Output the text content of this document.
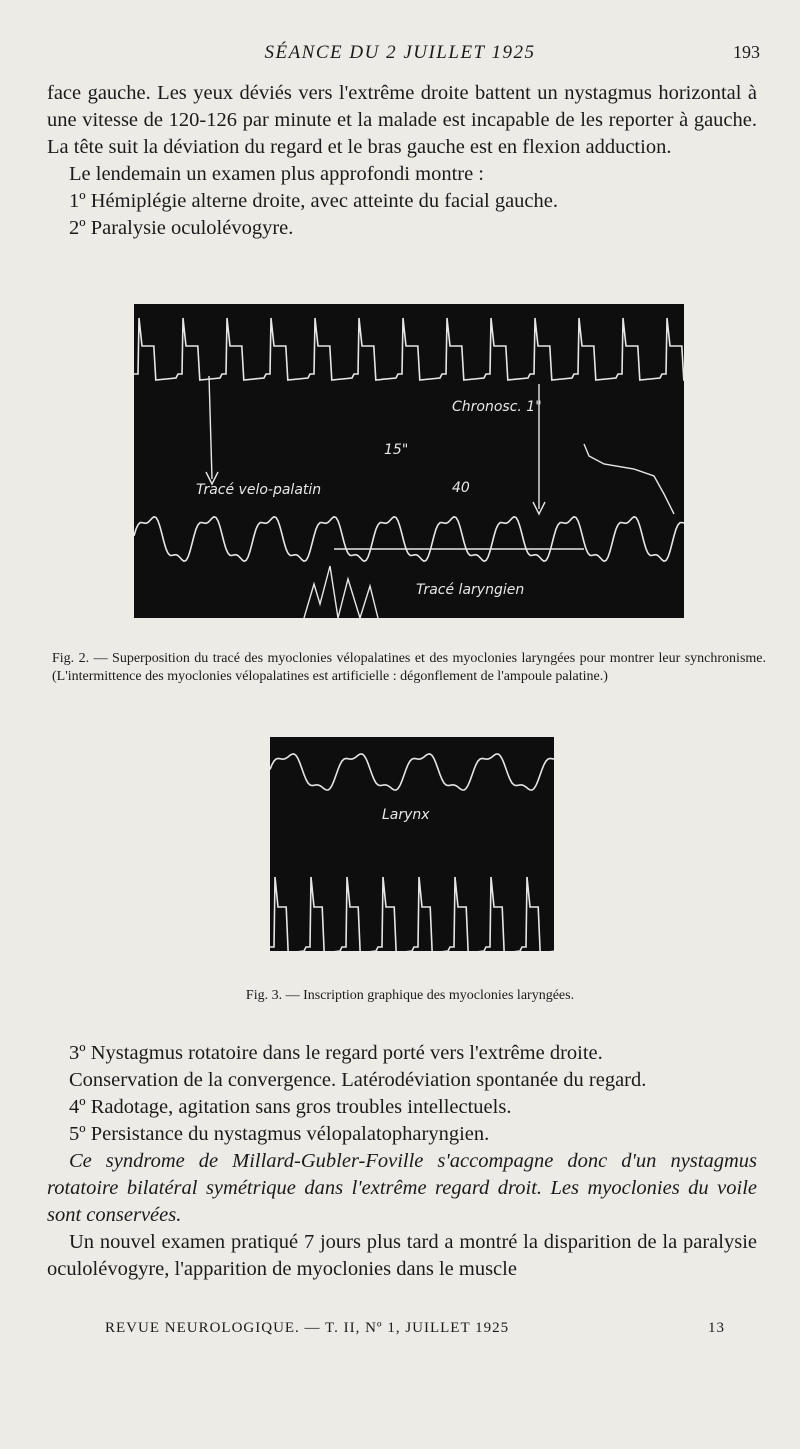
SÉANCE DU 2 JUILLET 1925	193

face gauche. Les yeux déviés vers l'extrême droite battent un nystagmus horizontal à une vitesse de 120-126 par minute et la malade est incapable de les reporter à gauche. La tête suit la déviation du regard et le bras gauche est en flexion adduction.

Le lendemain un examen plus approfondi montre :

1º Hémiplégie alterne droite, avec atteinte du facial gauche.

2º Paralysie oculolévogyre.

Chronosc. 1"
15"
Tracé velo-palatin	40
Tracé laryngien
Fig. 2. — Superposition du tracé des myoclonies vélopalatines et des myoclonies laryngées pour montrer leur synchronisme. (L'intermittence des myoclonies vélopalatines est artificielle : dégonflement de l'ampoule palatine.)
Larynx
Fig. 3. — Inscription graphique des myoclonies laryngées.

3º Nystagmus rotatoire dans le regard porté vers l'extrême droite.

Conservation de la convergence. Latérodéviation spontanée du regard.

4º Radotage, agitation sans gros troubles intellectuels.

5º Persistance du nystagmus vélopalatopharyngien.

Ce syndrome de Millard-Gubler-Foville s'accompagne donc d'un nystagmus rotatoire bilatéral symétrique dans l'extrême regard droit. Les myoclonies du voile sont conservées.

Un nouvel examen pratiqué 7 jours plus tard a montré la disparition de la paralysie oculolévogyre, l'apparition de myoclonies dans le muscle

REVUE NEUROLOGIQUE. — T. II, Nº 1, JUILLET 1925	13
